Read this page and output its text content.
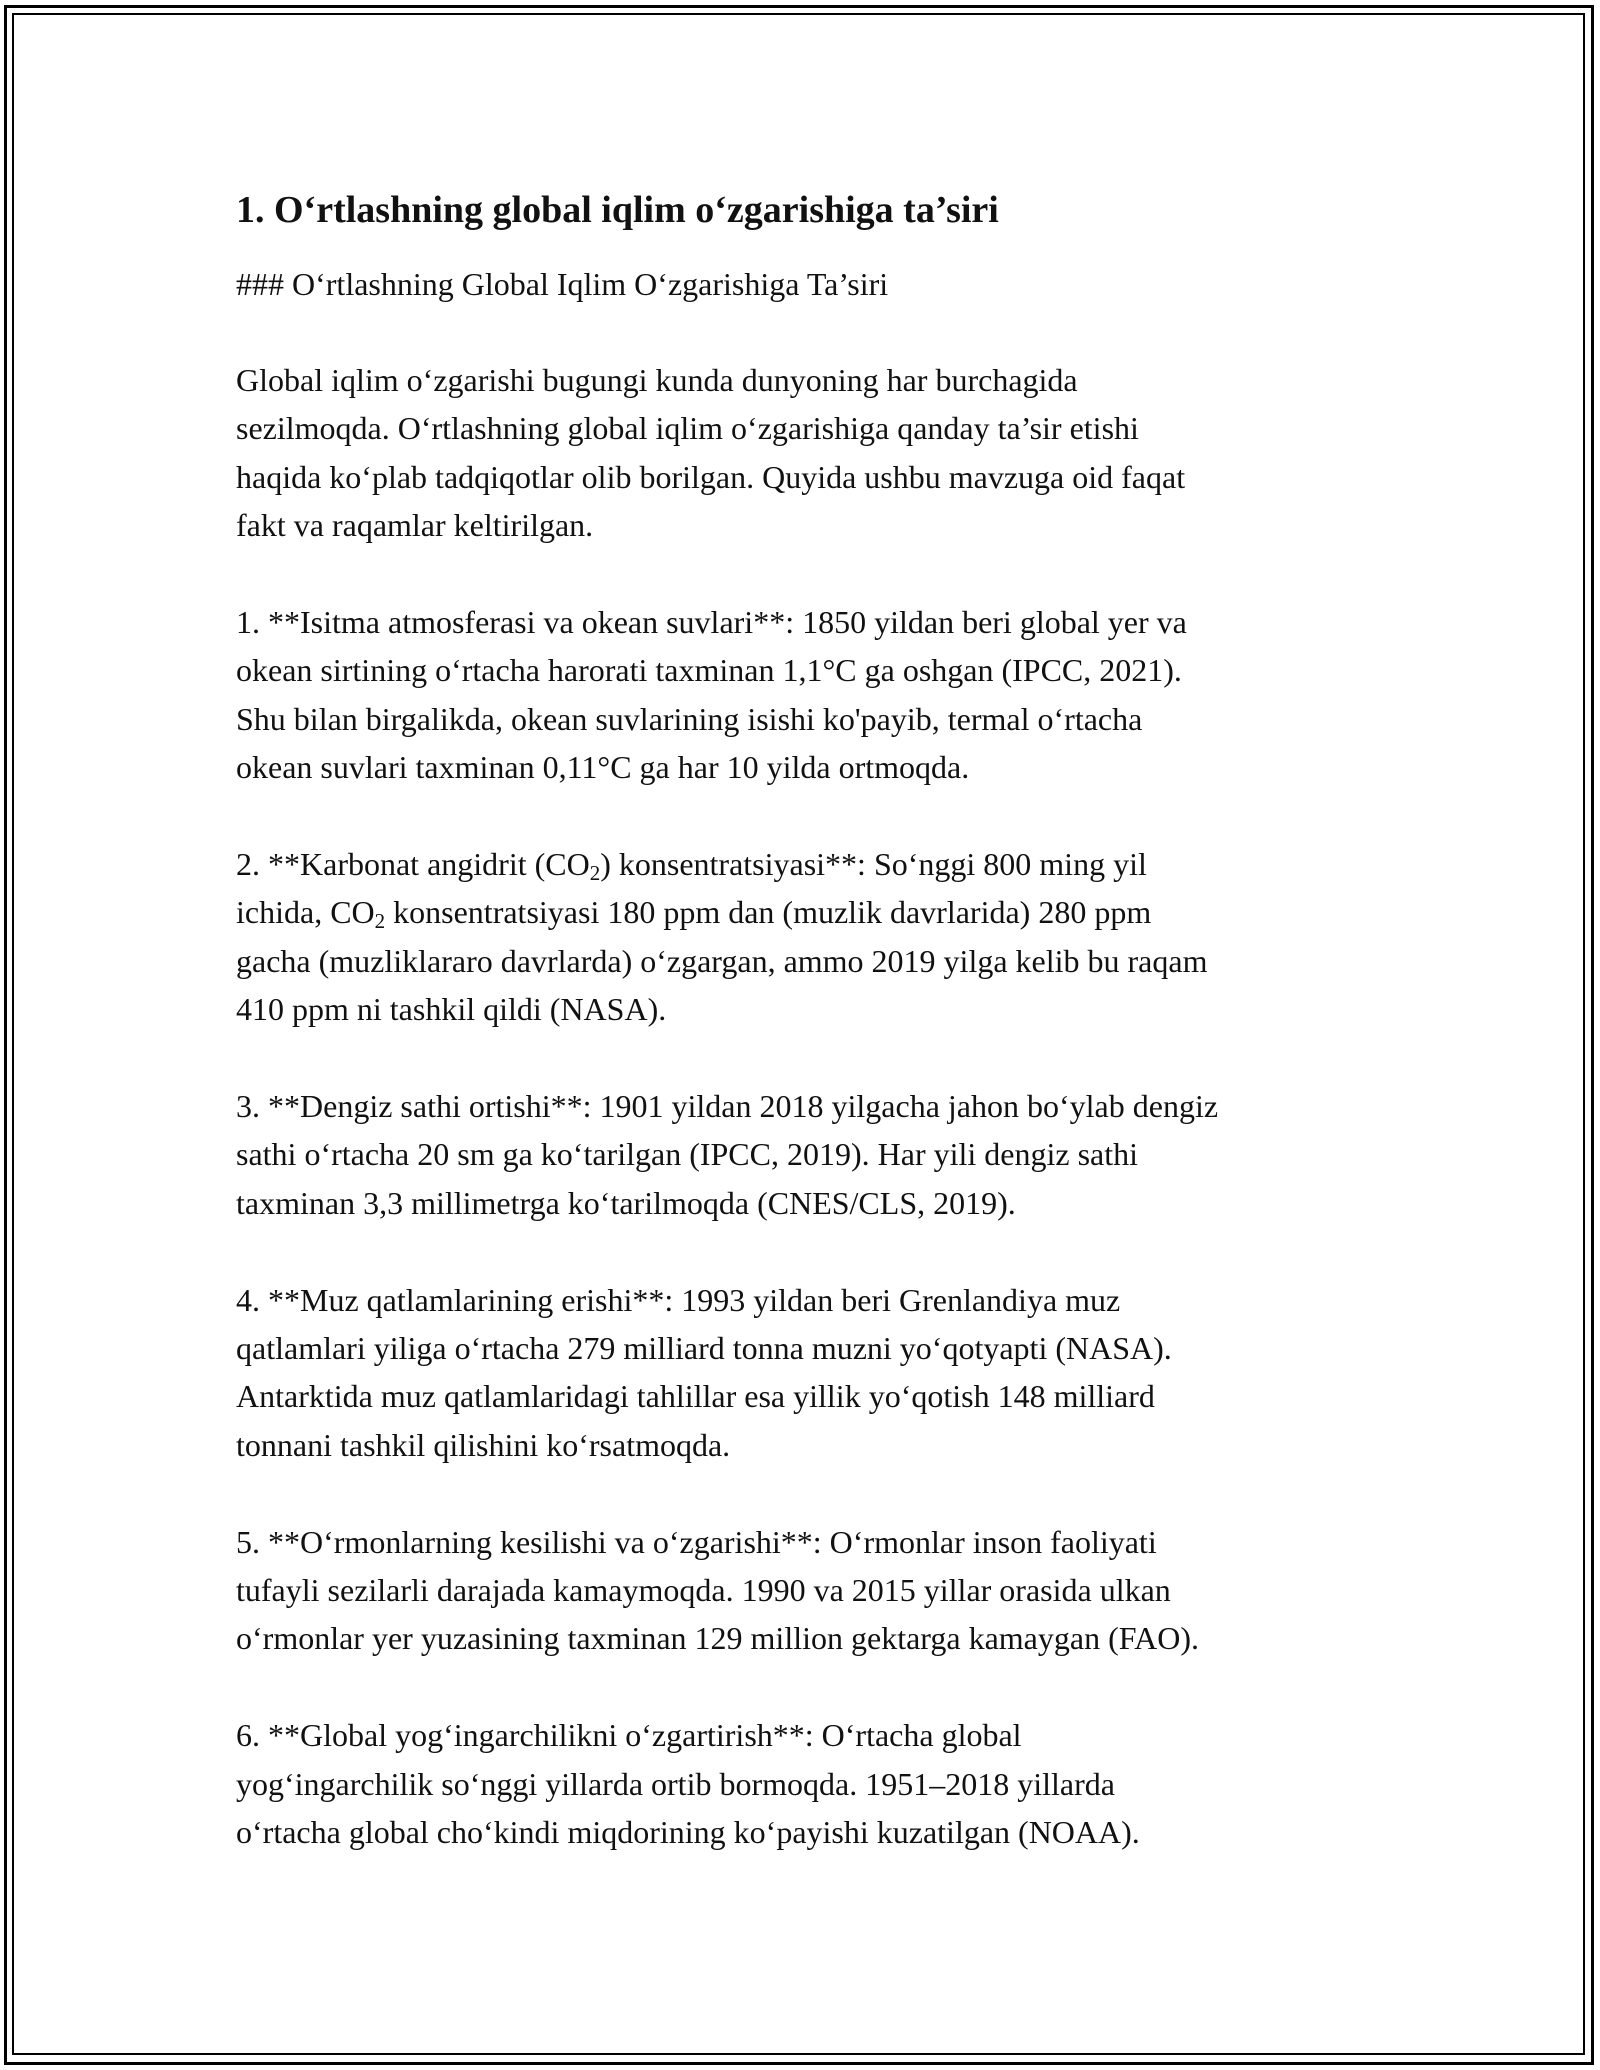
1. O‘rtlashning global iqlim o‘zgarishiga ta’siri
### O‘rtlashning Global Iqlim O‘zgarishiga Ta’siri
Global iqlim o‘zgarishi bugungi kunda dunyoning har burchagida
sezilmoqda. O‘rtlashning global iqlim o‘zgarishiga qanday ta’sir etishi
haqida ko‘plab tadqiqotlar olib borilgan. Quyida ushbu mavzuga oid faqat
fakt va raqamlar keltirilgan.
1. **Isitma atmosferasi va okean suvlari**: 1850 yildan beri global yer va
okean sirtining o‘rtacha harorati taxminan 1,1°C ga oshgan (IPCC, 2021).
Shu bilan birgalikda, okean suvlarining isishi ko'payib, termal o‘rtacha
okean suvlari taxminan 0,11°C ga har 10 yilda ortmoqda.
2. **Karbonat angidrit $(CO_2)$ konsentratsiyasi**: So‘nggi 800 ming yil
ichida, $CO_2$ konsentratsiyasi 180 ppm dan (muzlik davrlarida) 280 ppm
gacha (muzliklararo davrlarda) o‘zgargan, ammo 2019 yilga kelib bu raqam
410 ppm ni tashkil qildi (NASA).
3. **Dengiz sathi ortishi**: 1901 yildan 2018 yilgacha jahon bo‘ylab dengiz
sathi o‘rtacha 20 sm ga ko‘tarilgan (IPCC, 2019). Har yili dengiz sathi
taxminan 3,3 millimetrga ko‘tarilmoqda (CNES/CLS, 2019).
4. **Muz qatlamlarining erishi**: 1993 yildan beri Grenlandiya muz
qatlamlari yiliga o‘rtacha 279 milliard tonna muzni yo‘qotyapti (NASA).
Antarktida muz qatlamlaridagi tahlillar esa yillik yo‘qotish 148 milliard
tonnani tashkil qilishini ko‘rsatmoqda.
5. **O‘rmonlarning kesilishi va o‘zgarishi**: O‘rmonlar inson faoliyati
tufayli sezilarli darajada kamaymoqda. 1990 va 2015 yillar orasida ulkan
o‘rmonlar yer yuzasining taxminan 129 million gektarga kamaygan (FAO).
6. **Global yog‘ingarchilikni o‘zgartirish**: O‘rtacha global
yog‘ingarchilik so‘nggi yillarda ortib bormoqda. 1951–2018 yillarda
o‘rtacha global cho‘kindi miqdorining ko‘payishi kuzatilgan (NOAA).
